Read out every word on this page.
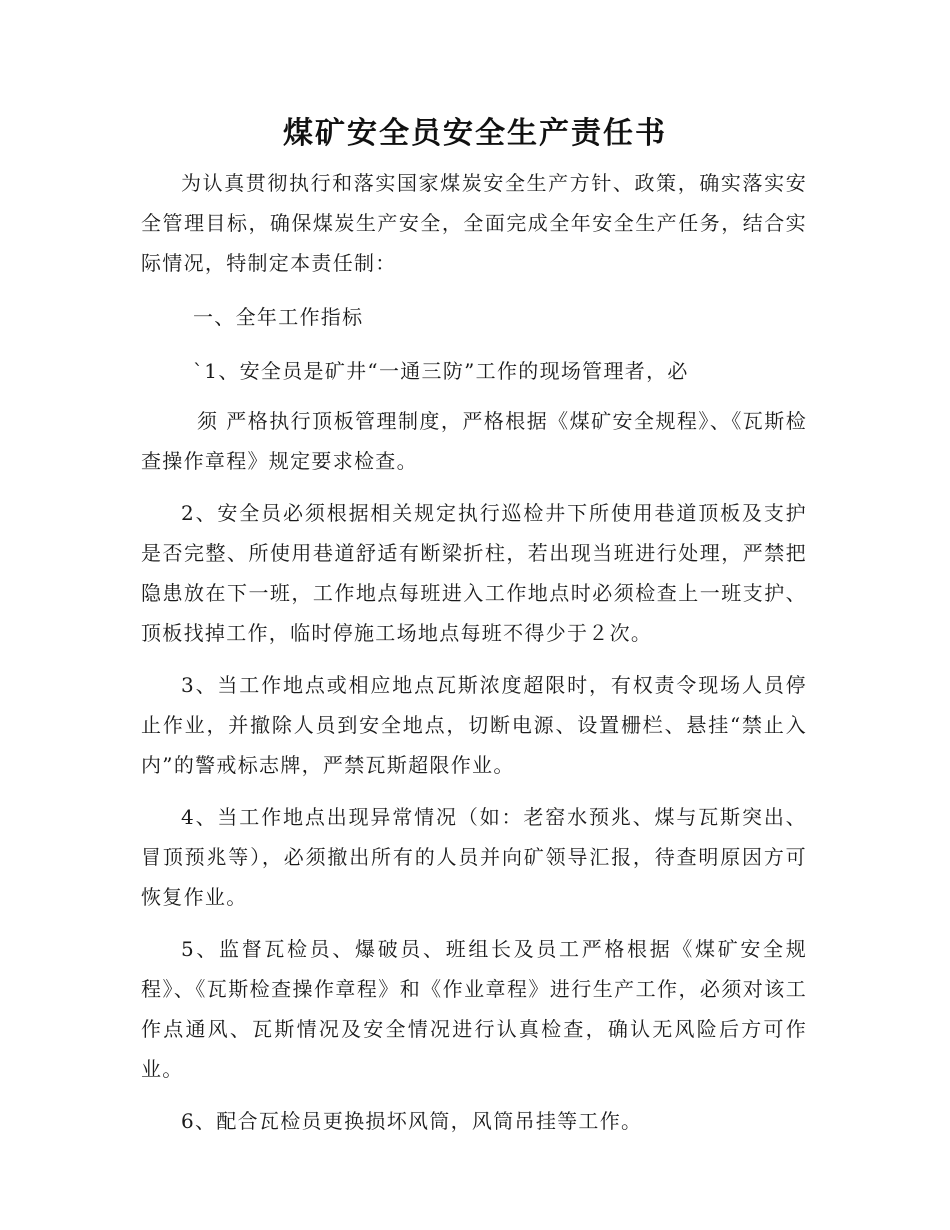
煤矿安全员安全生产责任书

为认真贯彻执行和落实国家煤炭安全生产方针、政策，确实落实安全管理目标，确保煤炭生产安全，全面完成全年安全生产任务，结合实际情况，特制定本责任制：

一、全年工作指标

`1、安全员是矿井“一通三防”工作的现场管理者，必

须 严格执行顶板管理制度，严格根据《煤矿安全规程》、《瓦斯检查操作章程》规定要求检查。

2、安全员必须根据相关规定执行巡检井下所使用巷道顶板及支护是否完整、所使用巷道舒适有断梁折柱，若出现当班进行处理，严禁把隐患放在下一班，工作地点每班进入工作地点时必须检查上一班支护、顶板找掉工作，临时停施工场地点每班不得少于２次。

3、当工作地点或相应地点瓦斯浓度超限时，有权责令现场人员停止作业，并撤除人员到安全地点，切断电源、设置栅栏、悬挂“禁止入内”的警戒标志牌，严禁瓦斯超限作业。

4、当工作地点出现异常情况（如：老窑水预兆、煤与瓦斯突出、冒顶预兆等），必须撤出所有的人员并向矿领导汇报，待查明原因方可恢复作业。

5、监督瓦检员、爆破员、班组长及员工严格根据《煤矿安全规程》、《瓦斯检查操作章程》和《作业章程》进行生产工作，必须对该工作点通风、瓦斯情况及安全情况进行认真检查，确认无风险后方可作业。

6、配合瓦检员更换损坏风筒，风筒吊挂等工作。
